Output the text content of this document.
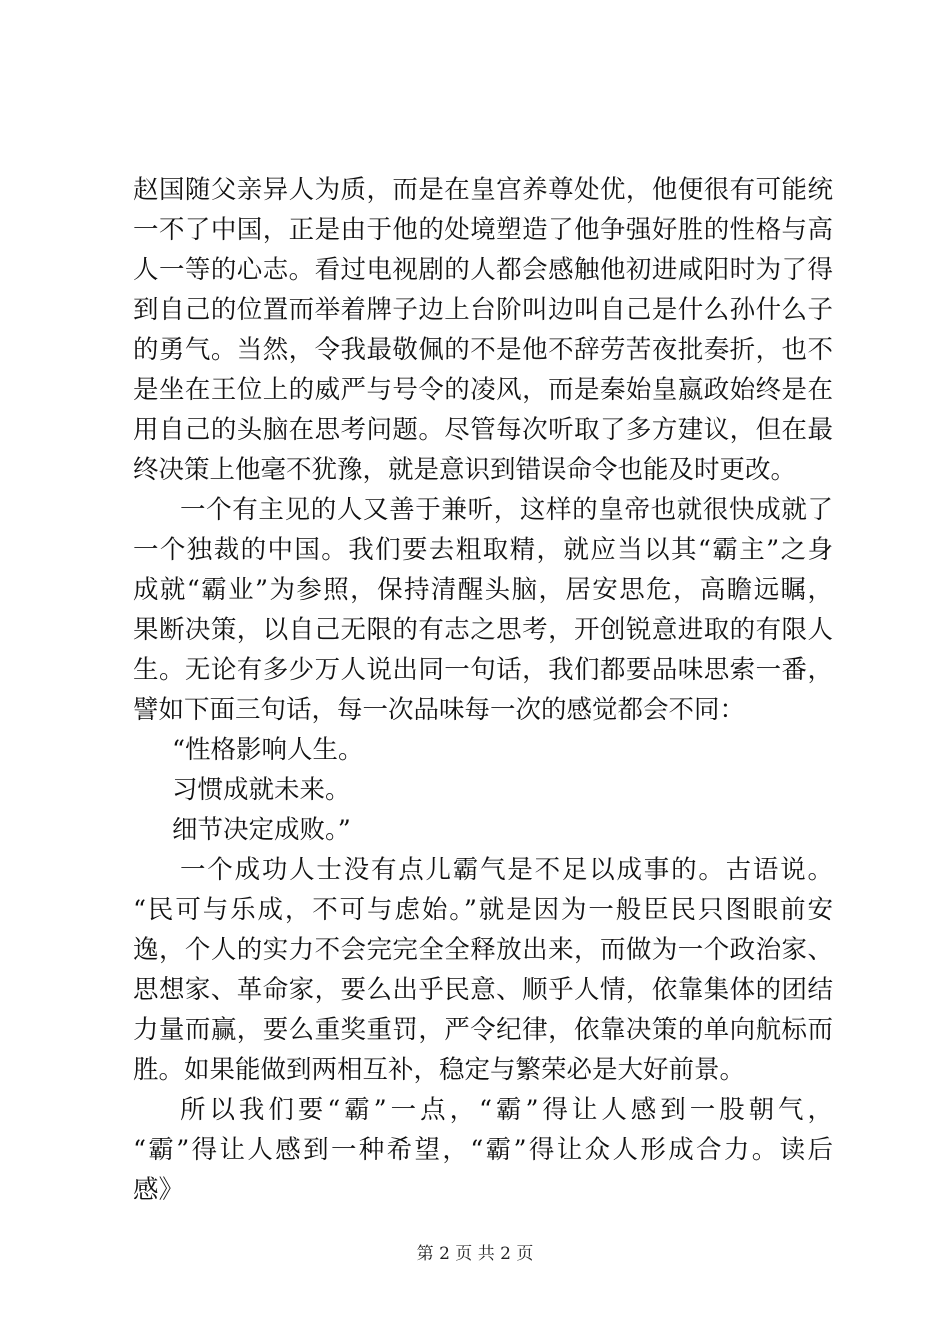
赵国随父亲异人为质，而是在皇宫养尊处优，他便很有可能统
一不了中国，正是由于他的处境塑造了他争强好胜的性格与高
人一等的心志。看过电视剧的人都会感触他初进咸阳时为了得
到自己的位置而举着牌子边上台阶叫边叫自己是什么孙什么子
的勇气。当然，令我最敬佩的不是他不辞劳苦夜批奏折，也不
是坐在王位上的威严与号令的凌风，而是秦始皇嬴政始终是在
用自己的头脑在思考问题。尽管每次听取了多方建议，但在最
终决策上他毫不犹豫，就是意识到错误命令也能及时更改。
一个有主见的人又善于兼听，这样的皇帝也就很快成就了
一个独裁的中国。我们要去粗取精，就应当以其“霸主”之身
成就“霸业”为参照，保持清醒头脑，居安思危，高瞻远瞩，
果断决策，以自己无限的有志之思考，开创锐意进取的有限人
生。无论有多少万人说出同一句话，我们都要品味思索一番，
譬如下面三句话，每一次品味每一次的感觉都会不同：
“性格影响人生。
习惯成就未来。
细节决定成败。”
一个成功人士没有点儿霸气是不足以成事的。古语说。
“民可与乐成，不可与虑始。”就是因为一般臣民只图眼前安
逸，个人的实力不会完完全全释放出来，而做为一个政治家、
思想家、革命家，要么出乎民意、顺乎人情，依靠集体的团结
力量而赢，要么重奖重罚，严令纪律，依靠决策的单向航标而
胜。如果能做到两相互补，稳定与繁荣必是大好前景。
所以我们要“霸”一点，“霸”得让人感到一股朝气，
“霸”得让人感到一种希望，“霸”得让众人形成合力。读后
感》
第 2 页 共 2 页
